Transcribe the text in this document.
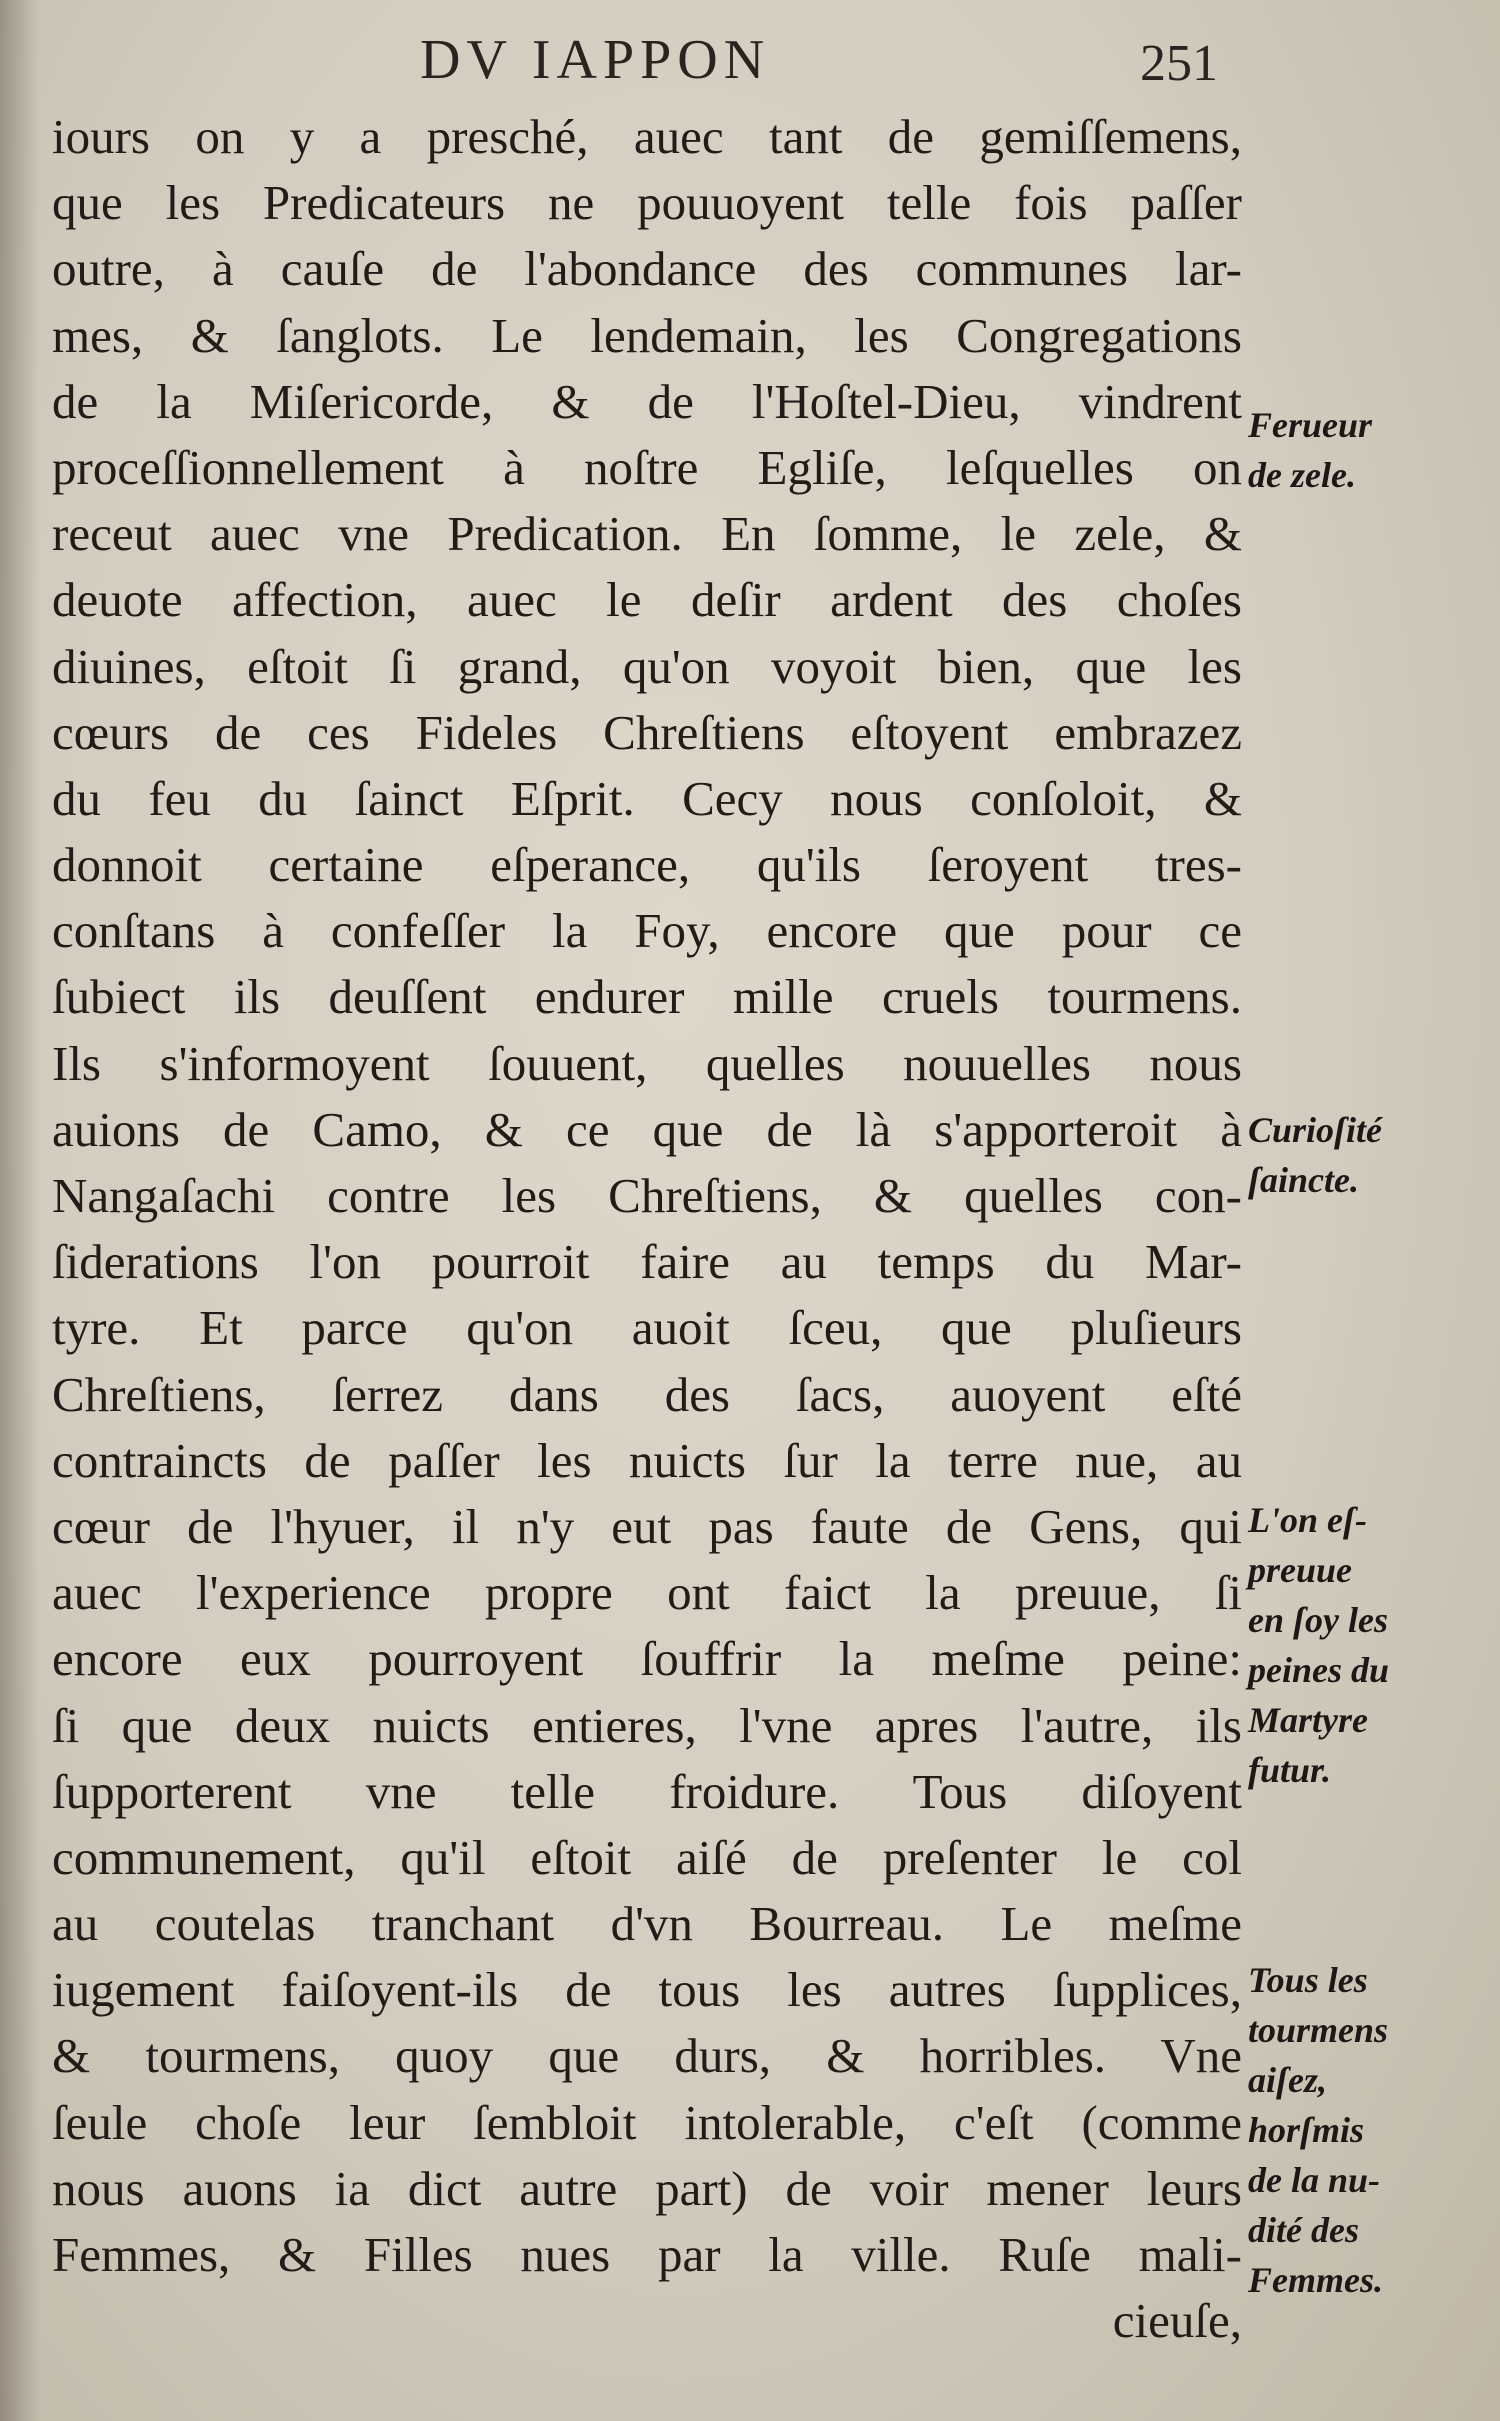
DV IAPPON	251
iours on y a presché, auec tant de gemiſſemens,
que les Predicateurs ne pouuoyent telle fois paſſer
outre, à cauſe de l'abondance des communes lar-
mes, & ſanglots. Le lendemain, les Congregations
de la Miſericorde, & de l'Hoſtel-Dieu, vindrent
proceſſionnellement à noſtre Egliſe, leſquelles on
receut auec vne Predication. En ſomme, le zele, &
deuote affection, auec le deſir ardent des choſes
diuines, eſtoit ſi grand, qu'on voyoit bien, que les
cœurs de ces Fideles Chreſtiens eſtoyent embrazez
du feu du ſainct Eſprit. Cecy nous conſoloit, &
donnoit certaine eſperance, qu'ils ſeroyent tres-
conſtans à confeſſer la Foy, encore que pour ce
ſubiect ils deuſſent endurer mille cruels tourmens.
Ils s'informoyent ſouuent, quelles nouuelles nous
auions de Camo, & ce que de là s'apporteroit à
Nangaſachi contre les Chreſtiens, & quelles con-
ſiderations l'on pourroit faire au temps du Mar-
tyre. Et parce qu'on auoit ſceu, que pluſieurs
Chreſtiens, ſerrez dans des ſacs, auoyent eſté
contraincts de paſſer les nuicts ſur la terre nue, au
cœur de l'hyuer, il n'y eut pas faute de Gens, qui
auec l'experience propre ont faict la preuue, ſi
encore eux pourroyent ſouffrir la meſme peine:
ſi que deux nuicts entieres, l'vne apres l'autre, ils
ſupporterent vne telle froidure. Tous diſoyent
communement, qu'il eſtoit aiſé de preſenter le col
au coutelas tranchant d'vn Bourreau. Le meſme
iugement faiſoyent-ils de tous les autres ſupplices,
& tourmens, quoy que durs, & horribles. Vne
ſeule choſe leur ſembloit intolerable, c'eſt (comme
nous auons ia dict autre part) de voir mener leurs
Femmes, & Filles nues par la ville. Ruſe mali-
cieuſe,
Ferueur
de zele.
Curioſité
ſaincte.
L'on eſ-
preuue
en ſoy les
peines du
Martyre
futur.
Tous les
tourmens
aiſez,
horſmis
de la nu-
dité des
Femmes.
